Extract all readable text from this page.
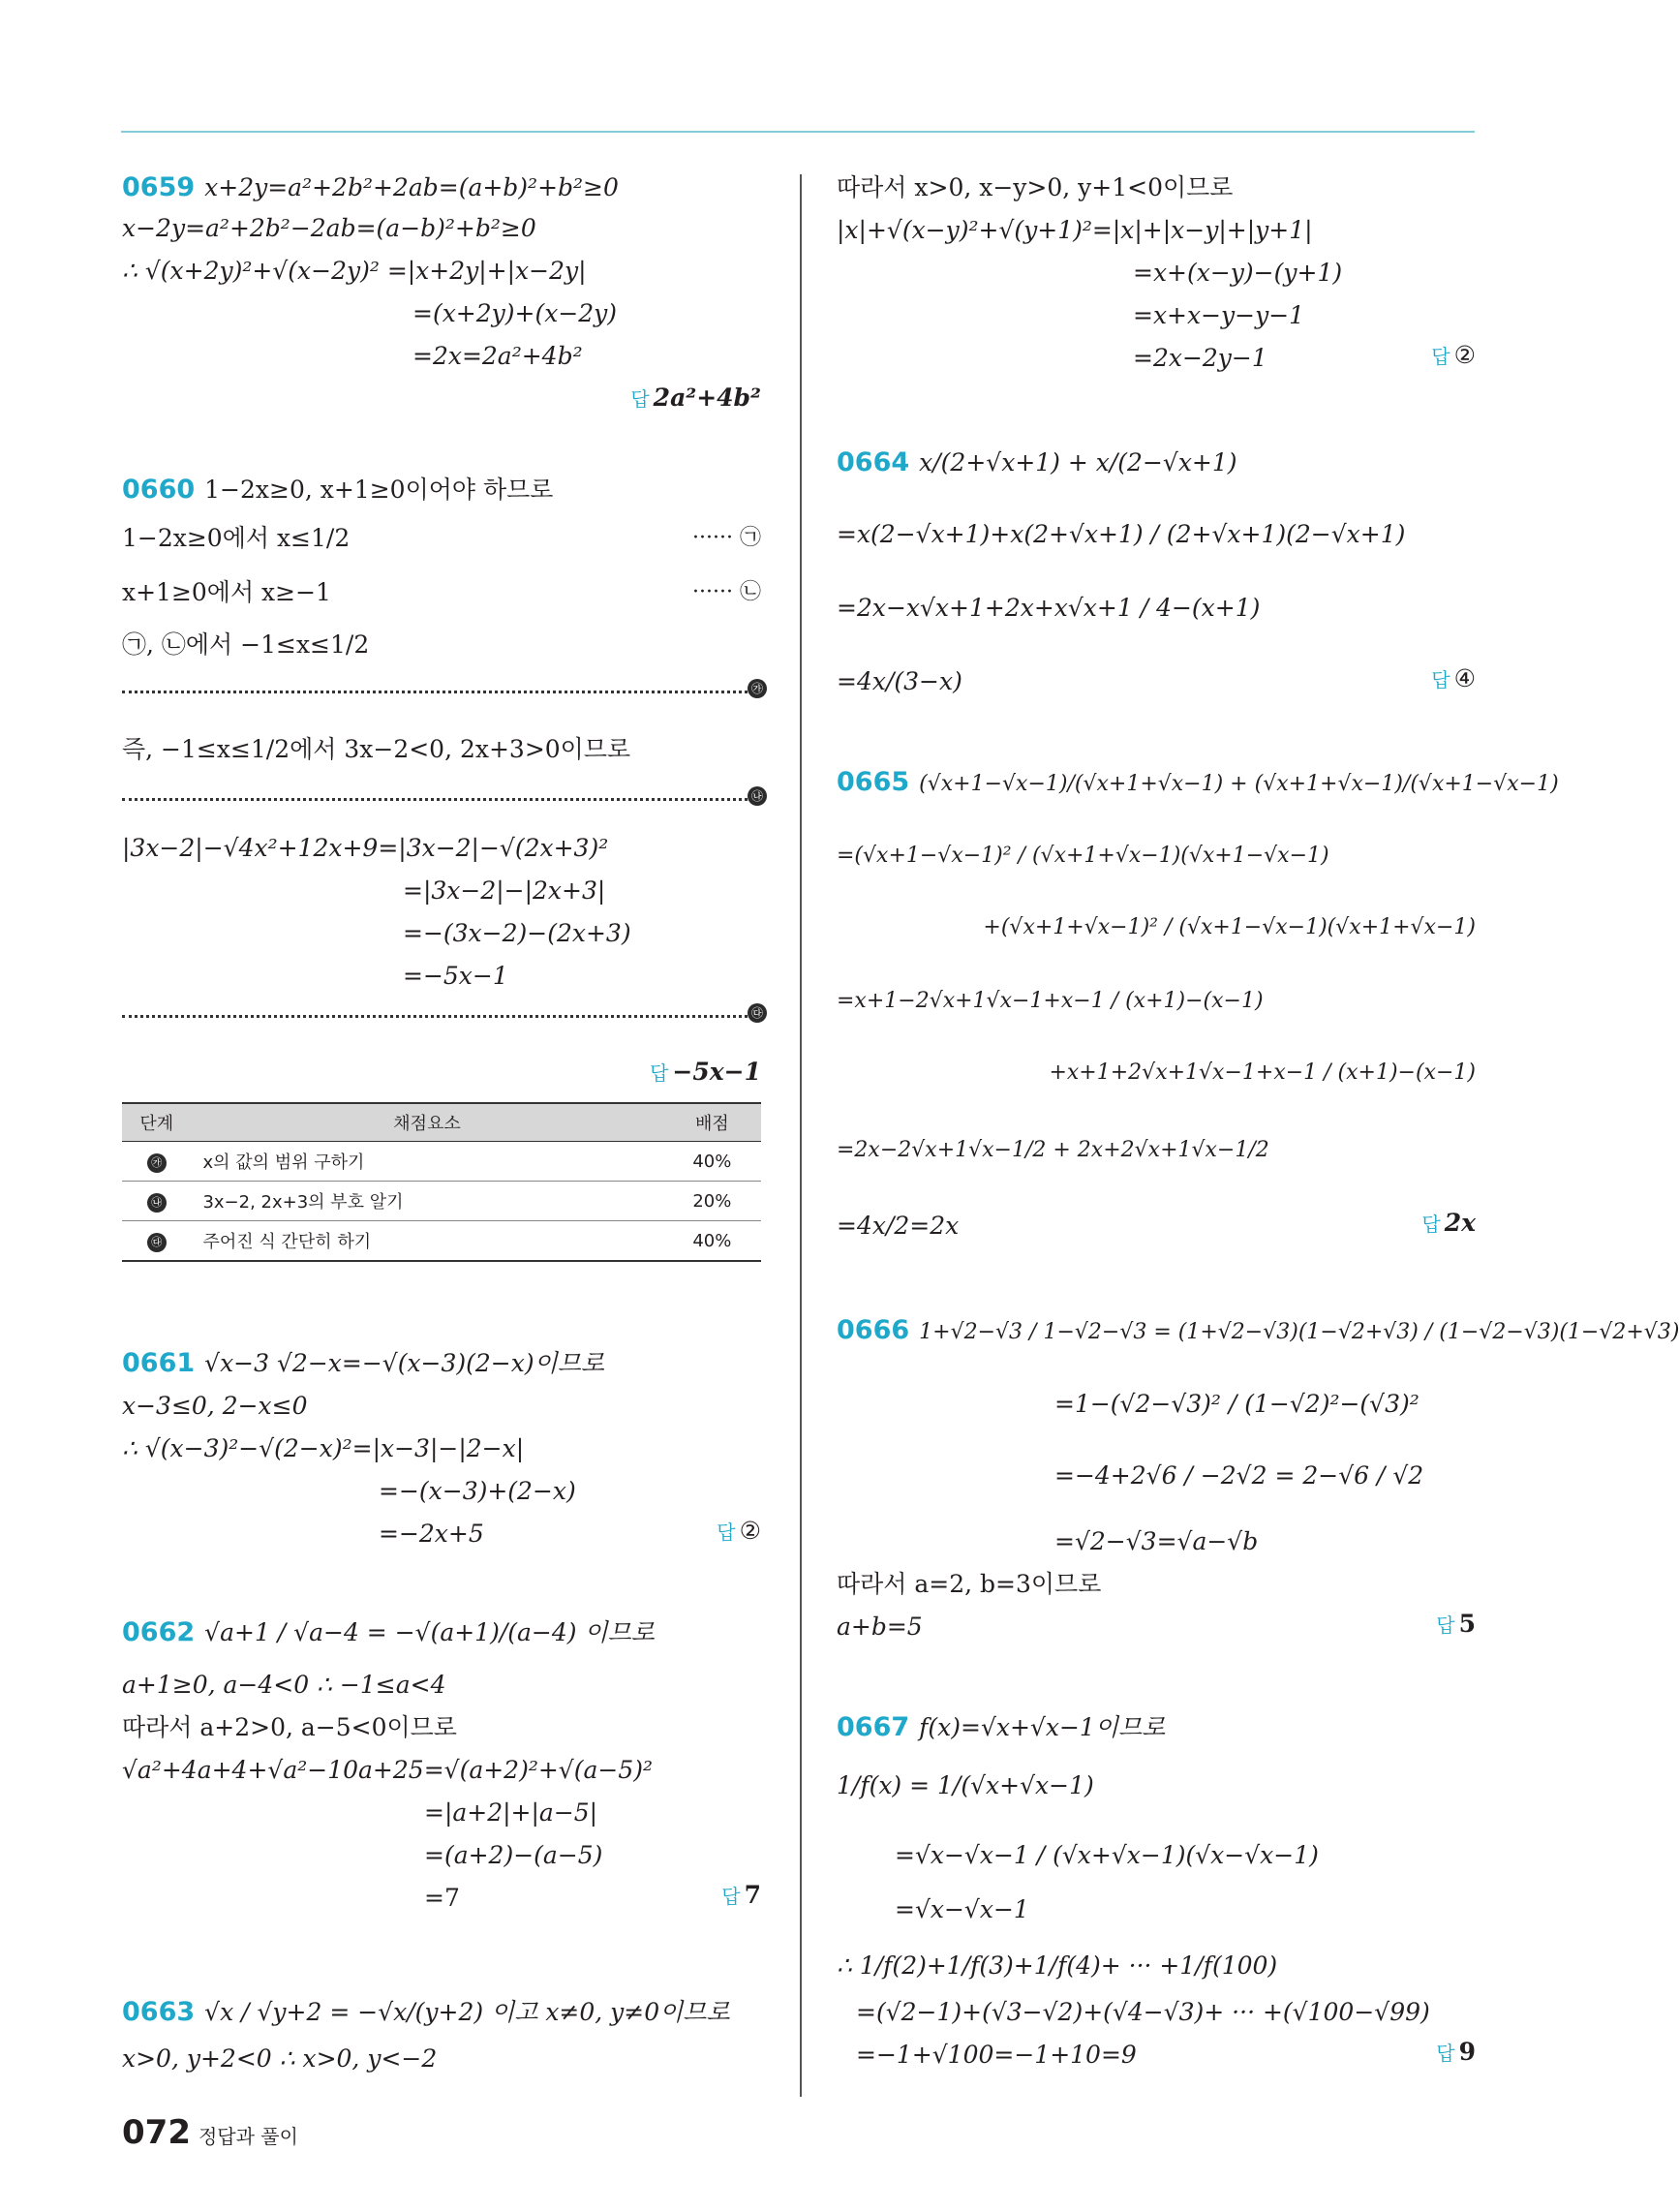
0659 x+2y=a²+2b²+2ab=(a+b)²+b²≥0
x−2y=a²+2b²−2ab=(a−b)²+b²≥0
∴ √(x+2y)²+√(x−2y)² =|x+2y|+|x−2y|
=(x+2y)+(x−2y)
=2x=2a²+4b²
답 2a²+4b²
0660 1−2x≥0, x+1≥0이어야 하므로
1−2x≥0에서 x≤1/2	······ ㉠
x+1≥0에서 x≥−1	······ ㉡
㉠, ㉡에서 −1≤x≤1/2
㉮
즉, −1≤x≤1/2에서 3x−2<0, 2x+3>0이므로
㉯
|3x−2|−√4x²+12x+9=|3x−2|−√(2x+3)²
=|3x−2|−|2x+3|
=−(3x−2)−(2x+3)
=−5x−1
㉰
답 −5x−1
단계	채점요소	배점
㉮	x의 값의 범위 구하기	40%
㉯	3x−2, 2x+3의 부호 알기	20%
㉰	주어진 식 간단히 하기	40%
0661 √x−3 √2−x=−√(x−3)(2−x)이므로
x−3≤0, 2−x≤0
∴ √(x−3)²−√(2−x)²=|x−3|−|2−x|
=−(x−3)+(2−x)
=−2x+5	답 ②
0662 √a+1 / √a−4 = −√(a+1)/(a−4) 이므로
a+1≥0, a−4<0 ∴ −1≤a<4
따라서 a+2>0, a−5<0이므로
√a²+4a+4+√a²−10a+25=√(a+2)²+√(a−5)²
=|a+2|+|a−5|
=(a+2)−(a−5)
=7	답 7
0663 √x / √y+2 = −√x/(y+2) 이고 x≠0, y≠0이므로
x>0, y+2<0 ∴ x>0, y<−2
따라서 x>0, x−y>0, y+1<0이므로
|x|+√(x−y)²+√(y+1)²=|x|+|x−y|+|y+1|
=x+(x−y)−(y+1)
=x+x−y−y−1
=2x−2y−1	답 ②
0664 x/(2+√x+1) + x/(2−√x+1)
=x(2−√x+1)+x(2+√x+1) / (2+√x+1)(2−√x+1)
=2x−x√x+1+2x+x√x+1 / 4−(x+1)
=4x/(3−x)	답 ④
0665 (√x+1−√x−1)/(√x+1+√x−1) + (√x+1+√x−1)/(√x+1−√x−1)
=(√x+1−√x−1)² / (√x+1+√x−1)(√x+1−√x−1)
+(√x+1+√x−1)² / (√x+1−√x−1)(√x+1+√x−1)
=x+1−2√x+1√x−1+x−1 / (x+1)−(x−1)
+x+1+2√x+1√x−1+x−1 / (x+1)−(x−1)
=2x−2√x+1√x−1/2 + 2x+2√x+1√x−1/2
=4x/2=2x	답 2x
0666 1+√2−√3 / 1−√2−√3 = (1+√2−√3)(1−√2+√3) / (1−√2−√3)(1−√2+√3)
=1−(√2−√3)² / (1−√2)²−(√3)²
=−4+2√6 / −2√2 = 2−√6 / √2
=√2−√3=√a−√b
따라서 a=2, b=3이므로
a+b=5	답 5
0667 f(x)=√x+√x−1이므로
1/f(x) = 1/(√x+√x−1)
=√x−√x−1 / (√x+√x−1)(√x−√x−1)
=√x−√x−1
∴ 1/f(2)+1/f(3)+1/f(4)+ ··· +1/f(100)
=(√2−1)+(√3−√2)+(√4−√3)+ ··· +(√100−√99)
=−1+√100=−1+10=9	답 9
072 정답과 풀이
